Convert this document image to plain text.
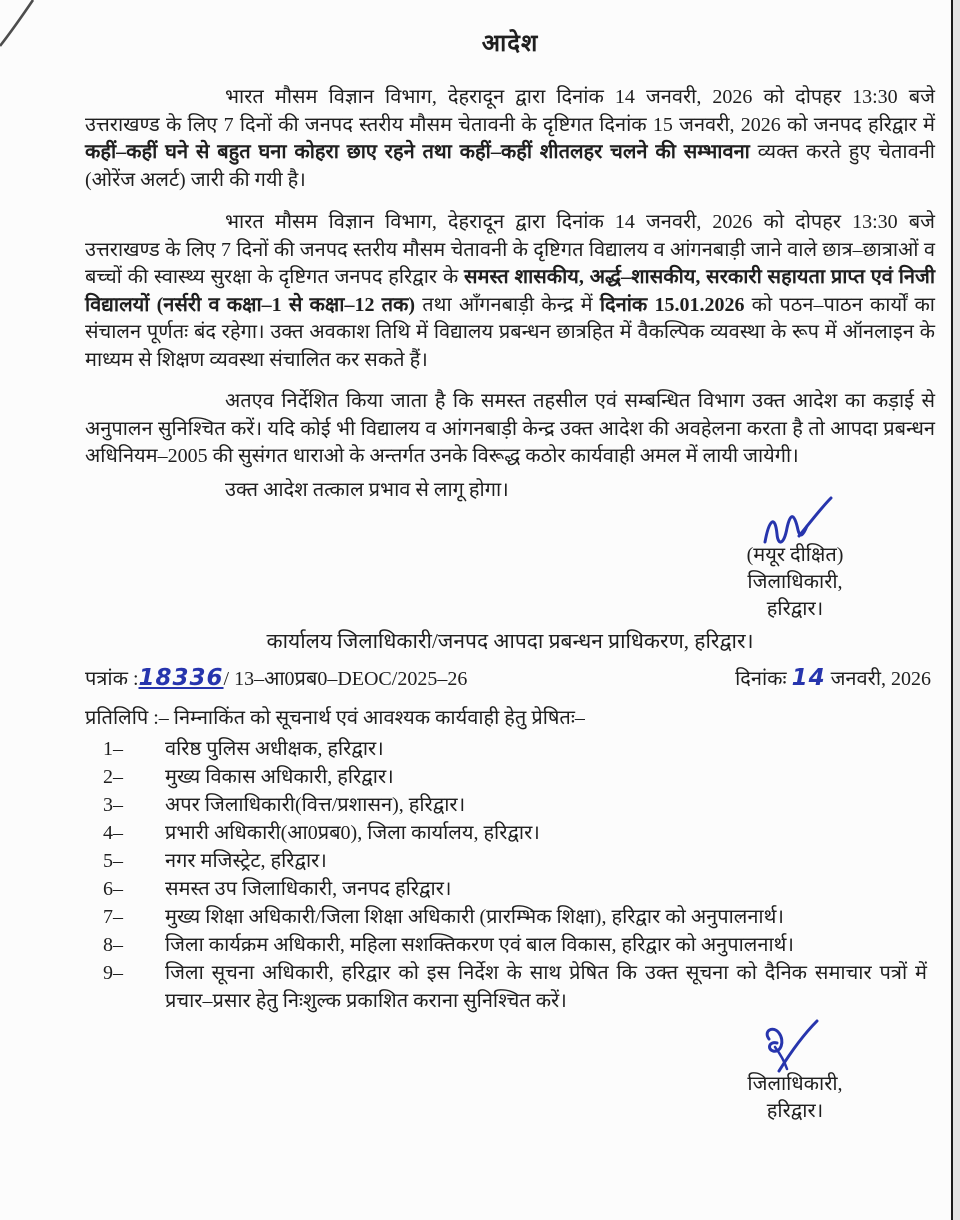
आदेश

भारत मौसम विज्ञान विभाग, देहरादून द्वारा दिनांक 14 जनवरी, 2026 को दोपहर 13:30 बजे उत्तराखण्ड के लिए 7 दिनों की जनपद स्तरीय मौसम चेतावनी के दृष्टिगत दिनांक 15 जनवरी, 2026 को जनपद हरिद्वार में कहीं–कहीं घने से बहुत घना कोहरा छाए रहने तथा कहीं–कहीं शीतलहर चलने की सम्भावना व्यक्त करते हुए चेतावनी (ओरेंज अलर्ट) जारी की गयी है।

भारत मौसम विज्ञान विभाग, देहरादून द्वारा दिनांक 14 जनवरी, 2026 को दोपहर 13:30 बजे उत्तराखण्ड के लिए 7 दिनों की जनपद स्तरीय मौसम चेतावनी के दृष्टिगत विद्यालय व आंगनबाड़ी जाने वाले छात्र–छात्राओं व बच्चों की स्वास्थ्य सुरक्षा के दृष्टिगत जनपद हरिद्वार के समस्त शासकीय, अर्द्ध–शासकीय, सरकारी सहायता प्राप्त एवं निजी विद्यालयों (नर्सरी व कक्षा–1 से कक्षा–12 तक) तथा ऑंगनबाड़ी केन्द्र में दिनांक 15.01.2026 को पठन–पाठन कार्यों का संचालन पूर्णतः बंद रहेगा। उक्त अवकाश तिथि में विद्यालय प्रबन्धन छात्रहित में वैकल्पिक व्यवस्था के रूप में ऑनलाइन के माध्यम से शिक्षण व्यवस्था संचालित कर सकते हैं।

अतएव निर्देशित किया जाता है कि समस्त तहसील एवं सम्बन्धित विभाग उक्त आदेश का कड़ाई से अनुपालन सुनिश्चित करें। यदि कोई भी विद्यालय व आंगनबाड़ी केन्द्र उक्त आदेश की अवहेलना करता है तो आपदा प्रबन्धन अधिनियम–2005 की सुसंगत धाराओ के अन्तर्गत उनके विरूद्ध कठोर कार्यवाही अमल में लायी जायेगी।

उक्त आदेश तत्काल प्रभाव से लागू होगा।

(मयूर दीक्षित)
जिलाधिकारी,
हरिद्वार।
कार्यालय जिलाधिकारी/जनपद आपदा प्रबन्धन प्राधिकरण, हरिद्वार।
पत्रांक :18336/ 13–आ0प्रब0–DEOC/2025–26	दिनांकः 14 जनवरी, 2026
प्रतिलिपि :– निम्नाकिंत को सूचनार्थ एवं आवश्यक कार्यवाही हेतु प्रेषितः–
1–	वरिष्ठ पुलिस अधीक्षक, हरिद्वार।
2–	मुख्य विकास अधिकारी, हरिद्वार।
3–	अपर जिलाधिकारी(वित्त/प्रशासन), हरिद्वार।
4–	प्रभारी अधिकारी(आ0प्रब0), जिला कार्यालय, हरिद्वार।
5–	नगर मजिस्ट्रेट, हरिद्वार।
6–	समस्त उप जिलाधिकारी, जनपद हरिद्वार।
7–	मुख्य शिक्षा अधिकारी/जिला शिक्षा अधिकारी (प्रारम्भिक शिक्षा), हरिद्वार को अनुपालनार्थ।
8–	जिला कार्यक्रम अधिकारी, महिला सशक्तिकरण एवं बाल विकास, हरिद्वार को अनुपालनार्थ।
9–	जिला सूचना अधिकारी, हरिद्वार को इस निर्देश के साथ प्रेषित कि उक्त सूचना को दैनिक समाचार पत्रों में प्रचार–प्रसार हेतु निःशुल्क प्रकाशित कराना सुनिश्चित करें।
जिलाधिकारी,
हरिद्वार।
